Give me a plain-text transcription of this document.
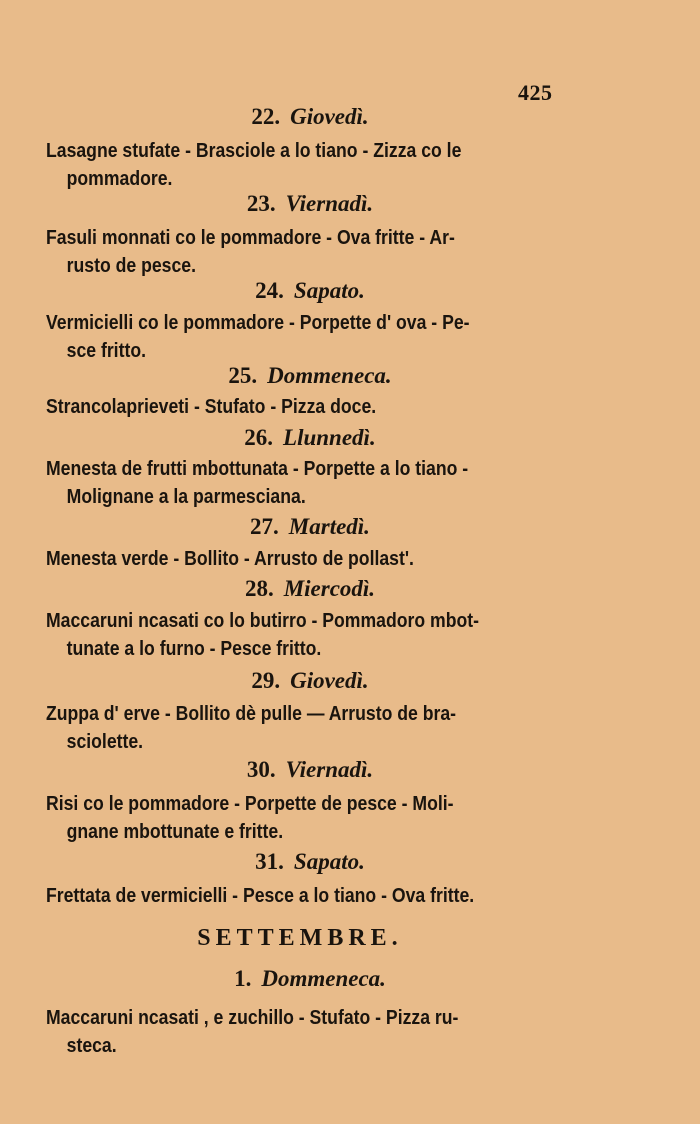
425
22. Giovedì.
Lasagne stufate - Brasciole a lo tiano - Zizza co le
pommadore.
23. Viernadì.
Fasuli monnati co le pommadore - Ova fritte - Ar-
rusto de pesce.
24. Sapato.
Vermicielli co le pommadore - Porpette d' ova - Pe-
sce fritto.
25. Dommeneca.
Strancolaprieveti - Stufato - Pizza doce.
26. Llunnedì.
Menesta de frutti mbottunata - Porpette a lo tiano -
Molignane a la parmesciana.
27. Martedì.
Menesta verde - Bollito - Arrusto de pollast'.
28. Miercodì.
Maccaruni ncasati co lo butirro - Pommadoro mbot-
tunate a lo furno - Pesce fritto.
29. Giovedì.
Zuppa d' erve - Bollito dè pulle — Arrusto de bra-
sciolette.
30. Viernadì.
Risi co le pommadore - Porpette de pesce - Moli-
gnane mbottunate e fritte.
31. Sapato.
Frettata de vermicielli - Pesce a lo tiano - Ova fritte.
SETTEMBRE.
1. Dommeneca.
Maccaruni ncasati , e zuchillo - Stufato - Pizza ru-
steca.
